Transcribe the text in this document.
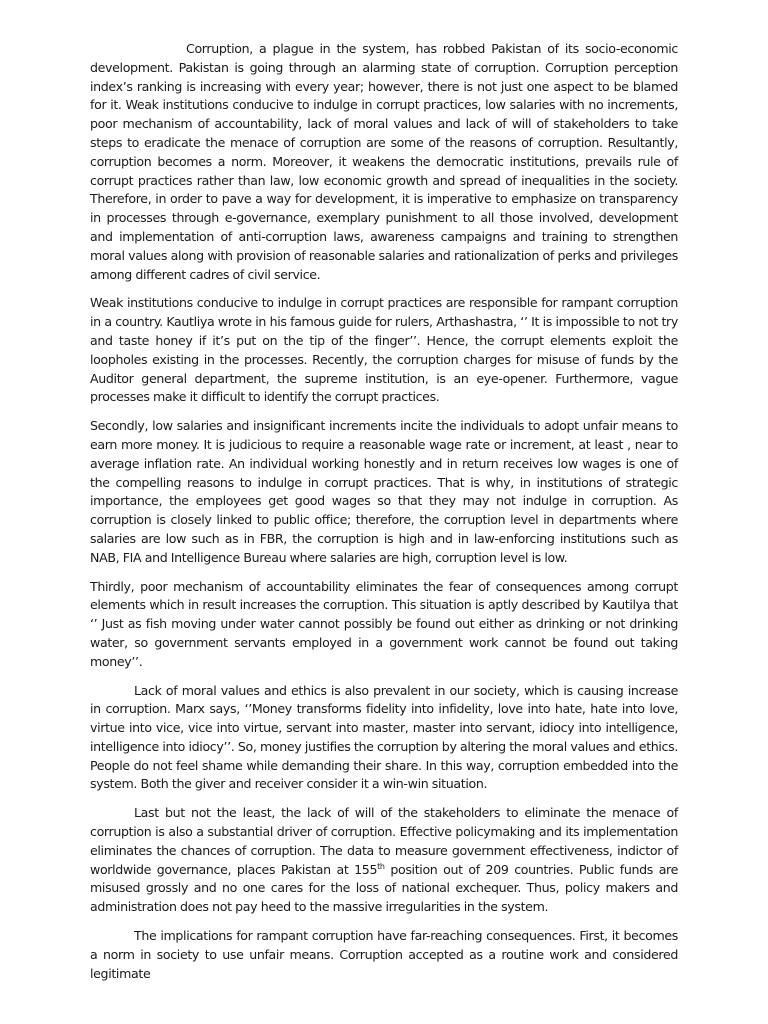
Corruption, a plague in the system, has robbed Pakistan of its socio-economic development. Pakistan is going through an alarming state of corruption. Corruption perception index’s ranking is increasing with every year; however, there is not just one aspect to be blamed for it. Weak institutions conducive to indulge in corrupt practices, low salaries with no increments, poor mechanism of accountability, lack of moral values and lack of will of stakeholders to take steps to eradicate the menace of corruption are some of the reasons of corruption. Resultantly, corruption becomes a norm. Moreover, it weakens the democratic institutions, prevails rule of corrupt practices rather than law, low economic growth and spread of inequalities in the society. Therefore, in order to pave a way for development, it is imperative to emphasize on transparency in processes through e-governance, exemplary punishment to all those involved, development and implementation of anti-corruption laws, awareness campaigns and training to strengthen moral values along with provision of reasonable salaries and rationalization of perks and privileges among different cadres of civil service.

Weak institutions conducive to indulge in corrupt practices are responsible for rampant corruption in a country. Kautliya wrote in his famous guide for rulers, Arthashastra, ‘’ It is impossible to not try and taste honey if it’s put on the tip of the finger’’. Hence, the corrupt elements exploit the loopholes existing in the processes. Recently, the corruption charges for misuse of funds by the Auditor general department, the supreme institution, is an eye-opener. Furthermore, vague processes make it difficult to identify the corrupt practices.

Secondly, low salaries and insignificant increments incite the individuals to adopt unfair means to earn more money. It is judicious to require a reasonable wage rate or increment, at least , near to average inflation rate. An individual working honestly and in return receives low wages is one of the compelling reasons to indulge in corrupt practices. That is why, in institutions of strategic importance, the employees get good wages so that they may not indulge in corruption. As corruption is closely linked to public office; therefore, the corruption level in departments where salaries are low such as in FBR, the corruption is high and in law-enforcing institutions such as NAB, FIA and Intelligence Bureau where salaries are high, corruption level is low.

Thirdly, poor mechanism of accountability eliminates the fear of consequences among corrupt elements which in result increases the corruption. This situation is aptly described by Kautilya that ‘’ Just as fish moving under water cannot possibly be found out either as drinking or not drinking water, so government servants employed in a government work cannot be found out taking money’’.

Lack of moral values and ethics is also prevalent in our society, which is causing increase in corruption. Marx says, ‘’Money transforms fidelity into infidelity, love into hate, hate into love, virtue into vice, vice into virtue, servant into master, master into servant, idiocy into intelligence, intelligence into idiocy’’. So, money justifies the corruption by altering the moral values and ethics. People do not feel shame while demanding their share. In this way, corruption embedded into the system. Both the giver and receiver consider it a win-win situation.

Last but not the least, the lack of will of the stakeholders to eliminate the menace of corruption is also a substantial driver of corruption. Effective policymaking and its implementation eliminates the chances of corruption. The data to measure government effectiveness, indictor of worldwide governance, places Pakistan at 155th position out of 209 countries. Public funds are misused grossly and no one cares for the loss of national exchequer. Thus, policy makers and administration does not pay heed to the massive irregularities in the system.

The implications for rampant corruption have far-reaching consequences. First, it becomes a norm in society to use unfair means. Corruption accepted as a routine work and considered legitimate
